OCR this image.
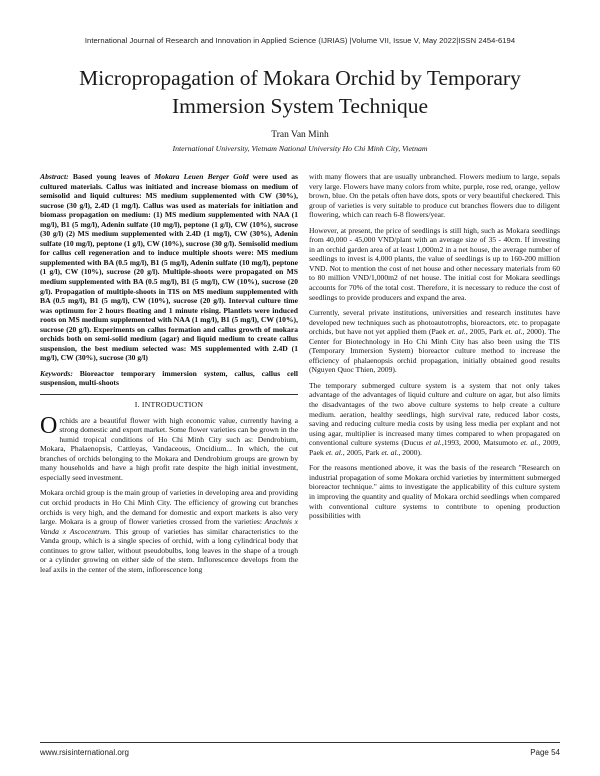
International Journal of Research and Innovation in Applied Science (IJRIAS) |Volume VII, Issue V, May 2022|ISSN 2454-6194
Micropropagation of Mokara Orchid by Temporary Immersion System Technique
Tran Van Minh
International University, Vietnam National University Ho Chi Minh City, Vietnam

Abstract: Based young leaves of Mokara Leuen Berger Gold were used as cultured materials. Callus was initiated and increase biomass on medium of semisolid and liquid cultures: MS medium supplemented with CW (30%), sucrose (30 g/l), 2.4D (1 mg/l). Callus was used as materials for initiation and biomass propagation on medium: (1) MS medium supplemented with NAA (1 mg/l), B1 (5 mg/l), Adenin sulfate (10 mg/l), peptone (1 g/l), CW (10%), sucrose (30 g/l) (2) MS medium supplemented with 2.4D (1 mg/l), CW (30%), Adenin sulfate (10 mg/l), peptone (1 g/l), CW (10%), sucrose (30 g/l). Semisolid medium for callus cell regeneration and to induce multiple shoots were: MS medium supplemented with BA (0.5 mg/l), B1 (5 mg/l), Adenin sulfate (10 mg/l), peptone (1 g/l), CW (10%), sucrose (20 g/l). Multiple-shoots were propagated on MS medium supplemented with BA (0.5 mg/l), B1 (5 mg/l), CW (10%), sucrose (20 g/l). Propagation of multiple-shoots in TIS on MS medium supplemented with BA (0.5 mg/l), B1 (5 mg/l), CW (10%), sucrose (20 g/l). Interval culture time was optimum for 2 hours floating and 1 minute rising. Plantlets were induced roots on MS medium supplemented with NAA (1 mg/l), B1 (5 mg/l), CW (10%), sucrose (20 g/l). Experiments on callus formation and callus growth of mokara orchids both on semi-solid medium (agar) and liquid medium to create callus suspension, the best medium selected was: MS supplemented with 2.4D (1 mg/l), CW (30%), sucrose (30 g/l)

Keywords: Bioreactor temporary immersion system, callus, callus cell suspension, multi-shoots

I. INTRODUCTION

Orchids are a beautiful flower with high economic value, currently having a strong domestic and export market. Some flower varieties can be grown in the humid tropical conditions of Ho Chi Minh City such as: Dendrobium, Mokara, Phalaenopsis, Cattleyas, Vandaceous, Oncidium... In which, the cut branches of orchids belonging to the Mokara and Dendrobium groups are grown by many households and have a high profit rate despite the high initial investment, especially seed investment.

Mokara orchid group is the main group of varieties in developing area and providing cut orchid products in Ho Chi Minh City. The efficiency of growing cut branches orchids is very high, and the demand for domestic and export markets is also very large. Mokara is a group of flower varieties crossed from the varieties: Arachnis x Vanda x Ascocentrum. This group of varieties has similar characteristics to the Vanda group, which is a single species of orchid, with a long cylindrical body that continues to grow taller, without pseudobulbs, long leaves in the shape of a trough or a cylinder growing on either side of the stem. Inflorescence develops from the leaf axils in the center of the stem, inflorescence long

with many flowers that are usually unbranched. Flowers medium to large, sepals very large. Flowers have many colors from white, purple, rose red, orange, yellow brown, blue. On the petals often have dots, spots or very beautiful checkered. This group of varieties is very suitable to produce cut branches flowers due to diligent flowering, which can reach 6-8 flowers/year.

However, at present, the price of seedlings is still high, such as Mokara seedlings from 40,000 - 45,000 VND/plant with an average size of 35 - 40cm. If investing in an orchid garden area of at least 1,000m2 in a net house, the average number of seedlings to invest is 4,000 plants, the value of seedlings is up to 160-200 million VND. Not to mention the cost of net house and other necessary materials from 60 to 80 million VND/1,000m2 of net house. The initial cost for Mokara seedlings accounts for 70% of the total cost. Therefore, it is necessary to reduce the cost of seedlings to provide producers and expand the area.

Currently, several private institutions, universities and research institutes have developed new techniques such as photoautotrophs, bioreactors, etc. to propagate orchids, but have not yet applied them (Paek et. al., 2005, Park et. al., 2000). The Center for Biotechnology in Ho Chi Minh City has also been using the TIS (Temporary Immersion System) bioreactor culture method to increase the efficiency of phalaenopsis orchid propagation, initially obtained good results (Nguyen Quoc Thien, 2009).

The temporary submerged culture system is a system that not only takes advantage of the advantages of liquid culture and culture on agar, but also limits the disadvantages of the two above culture systems to help create a culture medium. aeration, healthy seedlings, high survival rate, reduced labor costs, saving and reducing culture media costs by using less media per explant and not using agar, multiplier is increased many times compared to when propagated on conventional culture systems (Ducus et al.,1993, 2000, Matsumoto et. al., 2009, Paek et. al., 2005, Park et. al., 2000).

For the reasons mentioned above, it was the basis of the research "Research on industrial propagation of some Mokara orchid varieties by intermittent submerged bioreactor technique." aims to investigate the applicability of this culture system in improving the quantity and quality of Mokara orchid seedlings when compared with conventional culture systems to contribute to opening production possibilities with

www.rsisinternational.org	Page 54
